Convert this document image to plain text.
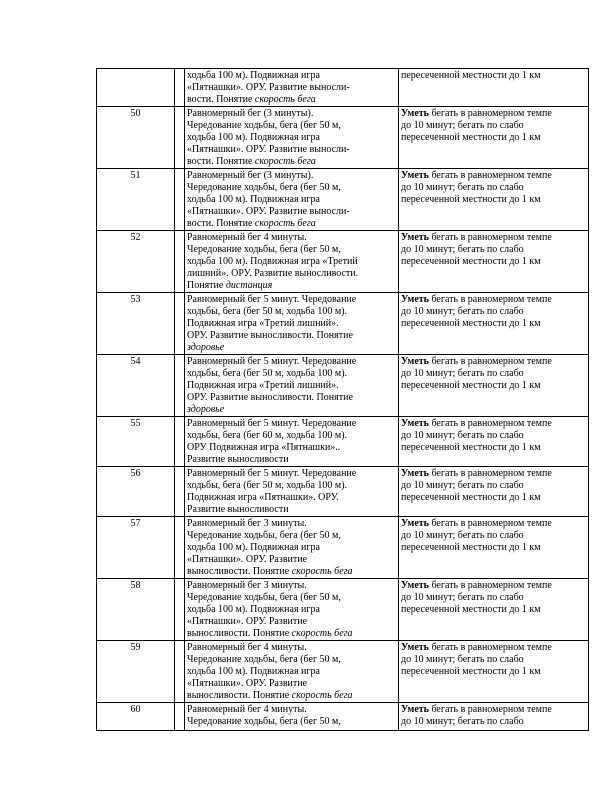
		ходьба 100 м). Подвижная игра
«Пятнашки». ОРУ. Развитие выносли-
вости. Понятие скорость бега	пересеченной местности до 1 км

50		Равномерный бег (3 минуты).
Чередование ходьбы, бега (бег 50 м,
ходьба 100 м). Подвижная игра
«Пятнашки». ОРУ. Развитие выносли-
вости. Понятие скорость бега	Уметь бегать в равномерном темпе
до 10 минут; бегать по слабо
пересеченной местности до 1 км

51		Равномерный бег (3 минуты).
Чередование ходьбы, бега (бег 50 м,
ходьба 100 м). Подвижная игра
«Пятнашки». ОРУ. Развитие выносли-
вости. Понятие скорость бега	Уметь бегать в равномерном темпе
до 10 минут; бегать по слабо
пересеченной местности до 1 км

52		Равномерный бег 4 минуты.
Чередование ходьбы, бега (бег 50 м,
ходьба 100 м). Подвижная игра «Третий
лишний». ОРУ. Развитие выносливости.
Понятие дистанция	Уметь бегать в равномерном темпе
до 10 минут; бегать по слабо
пересеченной местности до 1 км

53		Равномерный бег 5 минут. Чередование
ходьбы, бега (бег 50 м, ходьба 100 м).
Подвижная игра «Третий лишний».
ОРУ. Развитие выносливости. Понятие
здоровье	Уметь бегать в равномерном темпе
до 10 минут; бегать по слабо
пересеченной местности до 1 км

54		Равномерный бег 5 минут. Чередование
ходьбы, бега (бег 50 м, ходьба 100 м).
Подвижная игра «Третий лишний».
ОРУ. Развитие выносливости. Понятие
здоровье	Уметь бегать в равномерном темпе
до 10 минут; бегать по слабо
пересеченной местности до 1 км

55		Равномерный бег 5 минут. Чередование
ходьбы, бега (бег 60 м, ходьба 100 м).
ОРУ Подвижная игра «Пятнашки»..
Развитие выносливости	Уметь бегать в равномерном темпе
до 10 минут; бегать по слабо
пересеченной местности до 1 км

56		Равномерный бег 5 минут. Чередование
ходьбы, бега (бег 50 м, ходьба 100 м).
Подвижная игра «Пятнашки». ОРУ.
Развитие выносливости	Уметь бегать в равномерном темпе
до 10 минут; бегать по слабо
пересеченной местности до 1 км

57		Равномерный бег 3 минуты.
Чередование ходьбы, бега (бег 50 м,
ходьба 100 м). Подвижная игра
«Пятнашки». ОРУ. Развитие
выносливости. Понятие скорость бега	Уметь бегать в равномерном темпе
до 10 минут; бегать по слабо
пересеченной местности до 1 км

58		Равномерный бег 3 минуты.
Чередование ходьбы, бега (бег 50 м,
ходьба 100 м). Подвижная игра
«Пятнашки». ОРУ. Развитие
выносливости. Понятие скорость бега	Уметь бегать в равномерном темпе
до 10 минут; бегать по слабо
пересеченной местности до 1 км

59		Равномерный бег 4 минуты.
Чередование ходьбы, бега (бег 50 м,
ходьба 100 м). Подвижная игра
«Пятнашки». ОРУ. Развитие
выносливости. Понятие скорость бега	Уметь бегать в равномерном темпе
до 10 минут; бегать по слабо
пересеченной местности до 1 км

60		Равномерный бег 4 минуты.
Чередование ходьбы, бега (бег 50 м,	Уметь бегать в равномерном темпе
до 10 минут; бегать по слабо
